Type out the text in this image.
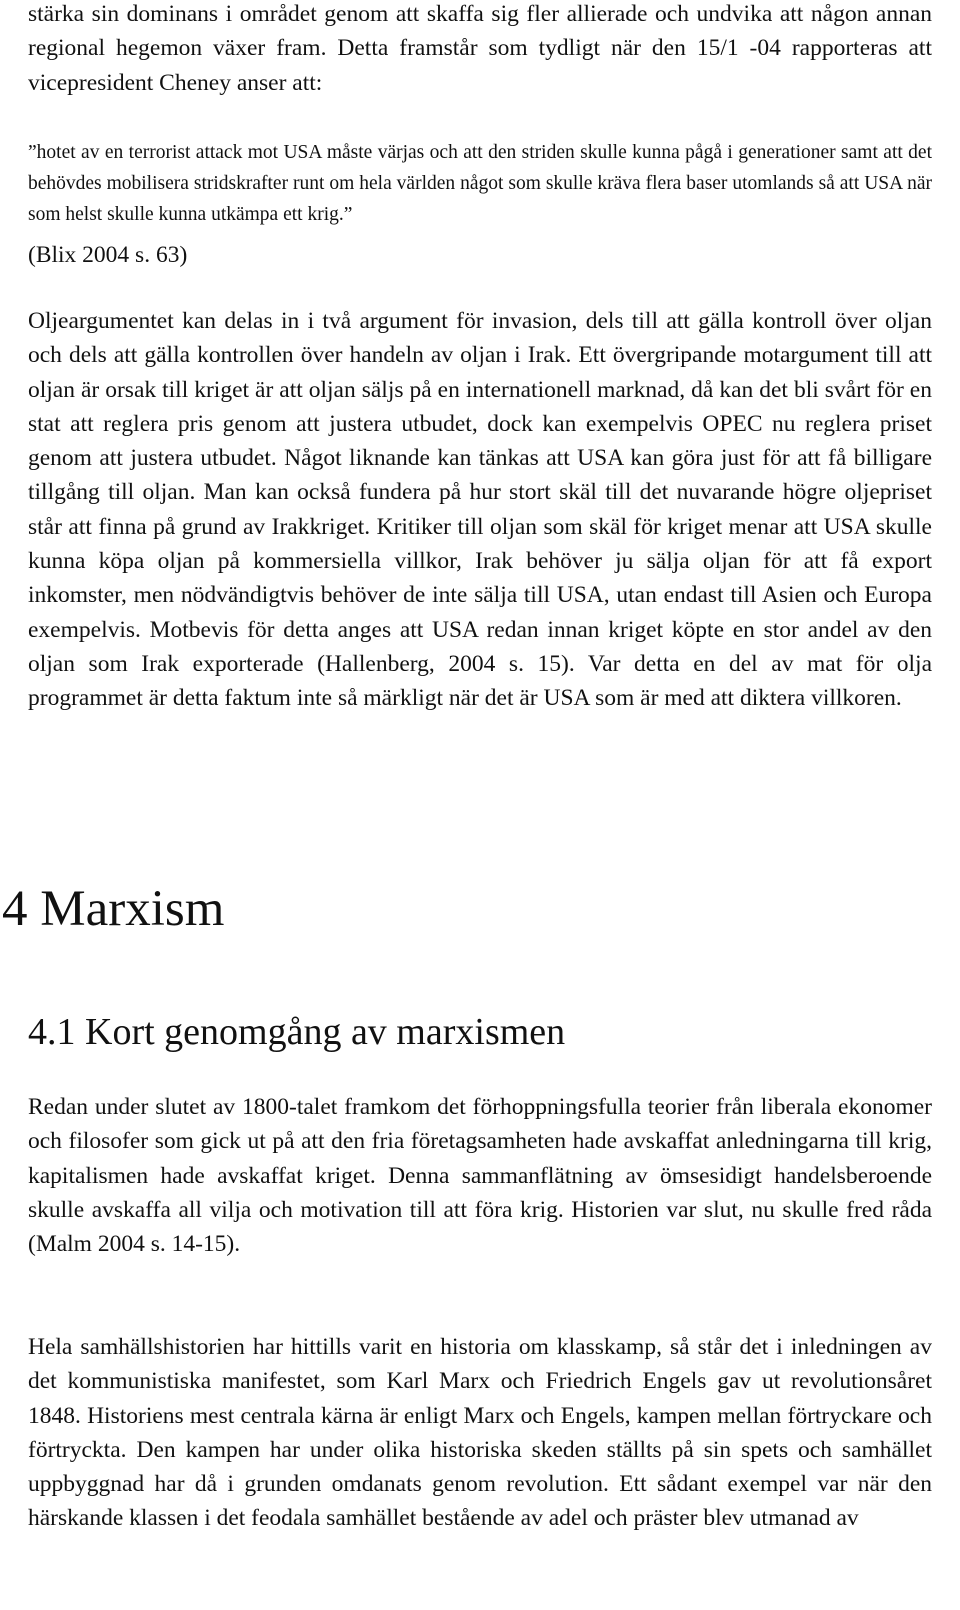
stärka sin dominans i området genom att skaffa sig fler allierade och undvika att någon annan regional hegemon växer fram. Detta framstår som tydligt när den 15/1 -04 rapporteras att vicepresident Cheney anser att:

”hotet av en terrorist attack mot USA måste värjas och att den striden skulle kunna pågå i generationer samt att det behövdes mobilisera stridskrafter runt om hela världen något som skulle kräva flera baser utomlands så att USA när som helst skulle kunna utkämpa ett krig.”

(Blix 2004 s. 63)

Oljeargumentet kan delas in i två argument för invasion, dels till att gälla kontroll över oljan och dels att gälla kontrollen över handeln av oljan i Irak. Ett övergripande motargument till att oljan är orsak till kriget är att oljan säljs på en internationell marknad, då kan det bli svårt för en stat att reglera pris genom att justera utbudet, dock kan exempelvis OPEC nu reglera priset genom att justera utbudet. Något liknande kan tänkas att USA kan göra just för att få billigare tillgång till oljan. Man kan också fundera på hur stort skäl till det nuvarande högre oljepriset står att finna på grund av Irakkriget. Kritiker till oljan som skäl för kriget menar att USA skulle kunna köpa oljan på kommersiella villkor, Irak behöver ju sälja oljan för att få export inkomster, men nödvändigtvis behöver de inte sälja till USA, utan endast till Asien och Europa exempelvis. Motbevis för detta anges att USA redan innan kriget köpte en stor andel av den oljan som Irak exporterade (Hallenberg, 2004 s. 15). Var detta en del av mat för olja programmet är detta faktum inte så märkligt när det är USA som är med att diktera villkoren.

4 Marxism
4.1 Kort genomgång av marxismen

Redan under slutet av 1800-talet framkom det förhoppningsfulla teorier från liberala ekonomer och filosofer som gick ut på att den fria företagsamheten hade avskaffat anledningarna till krig, kapitalismen hade avskaffat kriget. Denna sammanflätning av ömsesidigt handelsberoende skulle avskaffa all vilja och motivation till att föra krig. Historien var slut, nu skulle fred råda (Malm 2004 s. 14-15).

Hela samhällshistorien har hittills varit en historia om klasskamp, så står det i inledningen av det kommunistiska manifestet, som Karl Marx och Friedrich Engels gav ut revolutionsåret 1848. Historiens mest centrala kärna är enligt Marx och Engels, kampen mellan förtryckare och förtryckta. Den kampen har under olika historiska skeden ställts på sin spets och samhället uppbyggnad har då i grunden omdanats genom revolution. Ett sådant exempel var när den härskande klassen i det feodala samhället bestående av adel och präster blev utmanad av
